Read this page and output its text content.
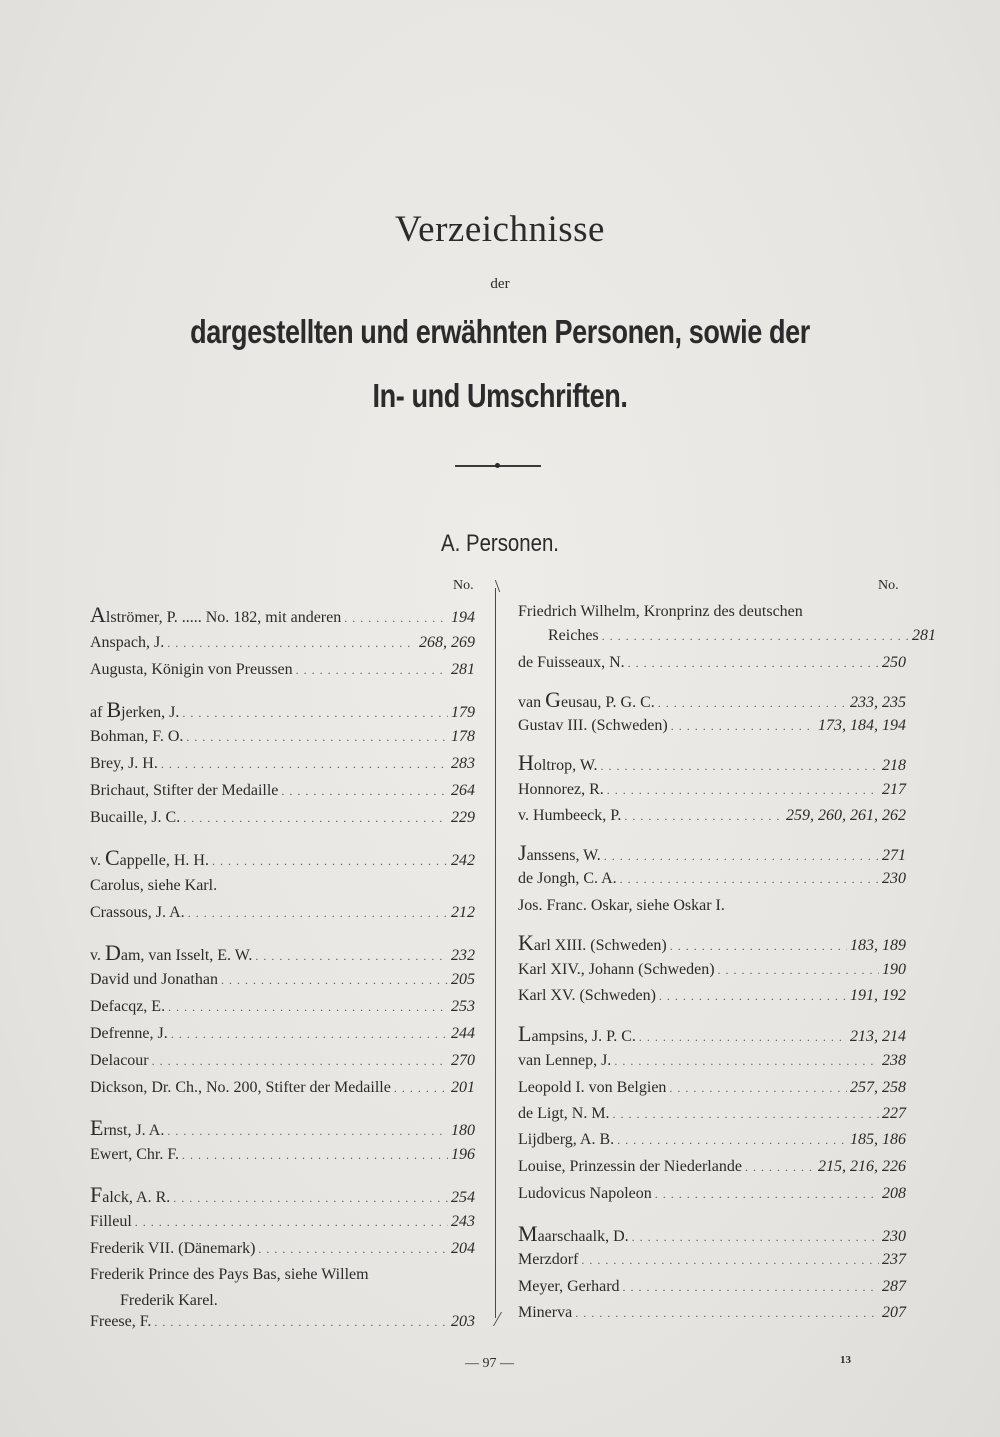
Verzeichnisse
der
dargestellten und erwähnten Personen, sowie der
In- und Umschriften.
A. Personen.
No.	No.
Alströmer, P. ..... No. 182, mit anderen . . .	194
Anspach, J. . . .	268, 269
Augusta, Königin von Preussen . . .	281
af Bjerken, J. . . .	179
Bohman, F. O. . . .	178
Brey, J. H. . . .	283
Brichaut, Stifter der Medaille . . .	264
Bucaille, J. C. . . .	229
v. Cappelle, H. H. . . .	242
Carolus, siehe Karl.
Crassous, J. A. . . .	212
v. Dam, van Isselt, E. W. . . .	232
David und Jonathan . . .	205
Defacqz, E. . . .	253
Defrenne, J. . . .	244
Delacour . . .	270
Dickson, Dr. Ch., No. 200, Stifter der Medaille . . .	201
Ernst, J. A. . . .	180
Ewert, Chr. F. . . .	196
Falck, A. R. . . .	254
Filleul . . .	243
Frederik VII. (Dänemark) . . .	204
Frederik Prince des Pays Bas, siehe Willem
Frederik Karel.
Freese, F. . . .	203
Friedrich Wilhelm, Kronprinz des deutschen
Reiches . . .	281
de Fuisseaux, N. . . .	250
van Geusau, P. G. C. . . .	233, 235
Gustav III. (Schweden) . . .	173, 184, 194
Holtrop, W. . . .	218
Honnorez, R. . . .	217
v. Humbeeck, P. . . .	259, 260, 261, 262
Janssens, W. . . .	271
de Jongh, C. A. . . .	230
Jos. Franc. Oskar, siehe Oskar I.
Karl XIII. (Schweden) . . .	183, 189
Karl XIV., Johann (Schweden) . . .	190
Karl XV. (Schweden) . . .	191, 192
Lampsins, J. P. C. . . .	213, 214
van Lennep, J. . . .	238
Leopold I. von Belgien . . .	257, 258
de Ligt, N. M. . . .	227
Lijdberg, A. B. . . .	185, 186
Louise, Prinzessin der Niederlande . . .	215, 216, 226
Ludovicus Napoleon . . .	208
Maarschaalk, D. . . .	230
Merzdorf . . .	237
Meyer, Gerhard . . .	287
Minerva . . .	207
— 97 —	13
